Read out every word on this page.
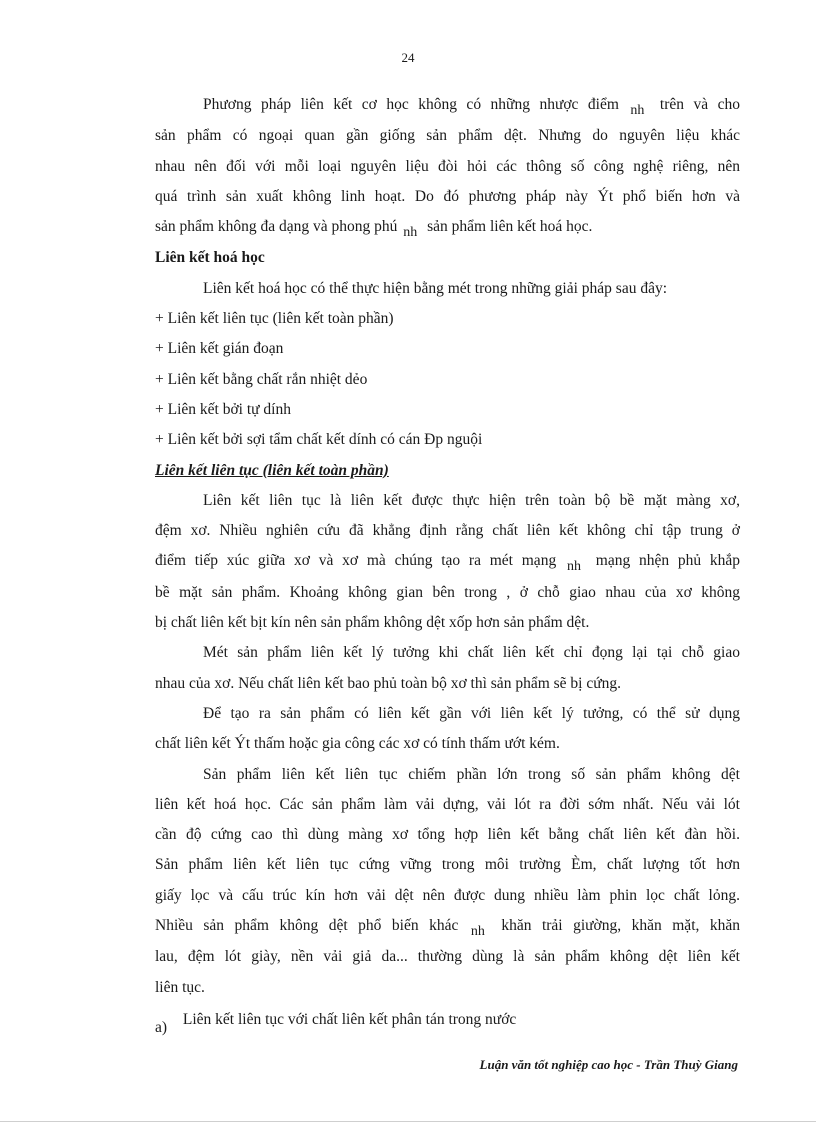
24

Phương pháp liên kết cơ học không có những nhược điểm nh trên và cho
sản phẩm có ngoại quan gần giống sản phẩm dệt. Nhưng do nguyên liệu khác
nhau nên đối với mỗi loại nguyên liệu đòi hỏi các thông số công nghệ riêng, nên
quá trình sản xuất không linh hoạt. Do đó phương pháp này Ýt phổ biến hơn và
sản phẩm không đa dạng và phong phú nh sản phẩm liên kết hoá học.

Liên kết hoá học

Liên kết hoá học có thể thực hiện bằng mét trong những giải pháp sau đây:

+ Liên kết liên tục (liên kết toàn phần)
+ Liên kết gián đoạn
+ Liên kết bằng chất rắn nhiệt dẻo
+ Liên kết bởi tự dính
+ Liên kết bởi sợi tẩm chất kết dính có cán Ðp nguội

Liên kết liên tục (liên kết toàn phần)

Liên kết liên tục là liên kết được thực hiện trên toàn bộ bề mặt màng xơ,
đệm xơ. Nhiều nghiên cứu đã khẳng định rằng chất liên kết không chỉ tập trung ở
điểm tiếp xúc giữa xơ và xơ mà chúng tạo ra mét mạng nh mạng nhện phủ khắp
bề mặt sản phẩm. Khoảng không gian bên trong , ở chỗ giao nhau của xơ không
bị chất liên kết bịt kín nên sản phẩm không dệt xốp hơn sản phẩm dệt.

Mét sản phẩm liên kết lý tưởng khi chất liên kết chỉ đọng lại tại chỗ giao
nhau của xơ. Nếu chất liên kết bao phủ toàn bộ xơ thì sản phẩm sẽ bị cứng.

Để tạo ra sản phẩm có liên kết gần với liên kết lý tưởng, có thể sử dụng
chất liên kết Ýt thấm hoặc gia công các xơ có tính thấm ướt kém.

Sản phẩm liên kết liên tục chiếm phần lớn trong số sản phẩm không dệt
liên kết hoá học. Các sản phẩm làm vải dựng, vải lót ra đời sớm nhất. Nếu vải lót
cần độ cứng cao thì dùng màng xơ tổng hợp liên kết bằng chất liên kết đàn hồi.
Sản phẩm liên kết liên tục cứng vững trong môi trường Èm, chất lượng tốt hơn
giấy lọc và cấu trúc kín hơn vải dệt nên được dung nhiều làm phin lọc chất lỏng.
Nhiều sản phẩm không dệt phổ biến khác nh khăn trải giường, khăn mặt, khăn
lau, đệm lót giày, nền vải giả da... thường dùng là sản phẩm không dệt liên kết
liên tục.

a) Liên kết liên tục với chất liên kết phân tán trong nước
Luận văn tốt nghiệp cao học - Trần Thuỳ Giang
